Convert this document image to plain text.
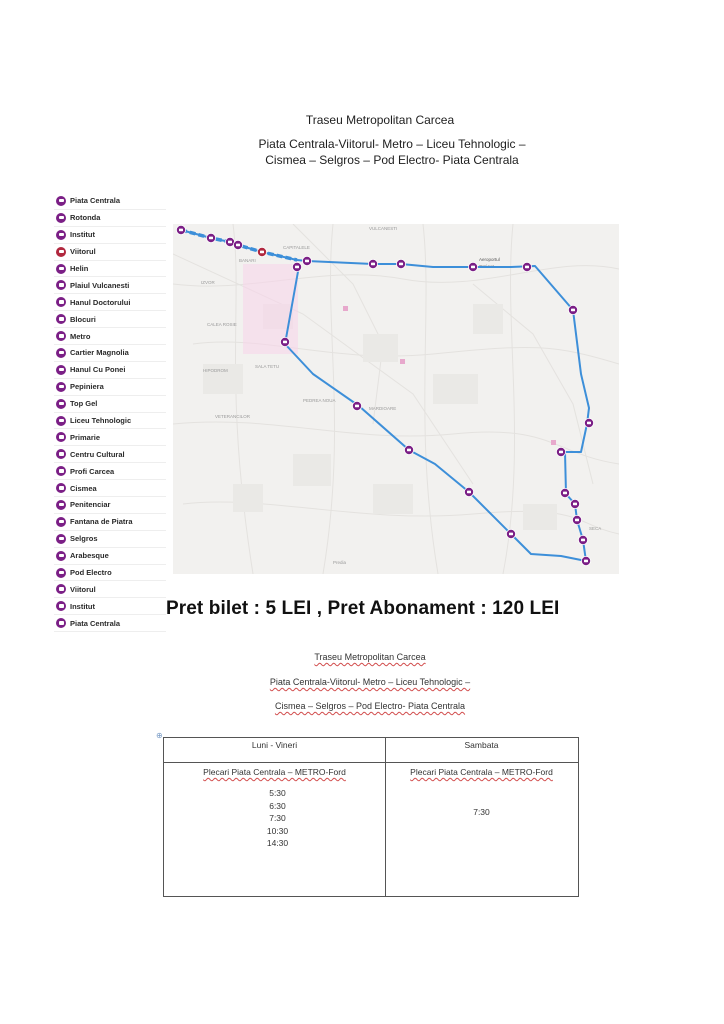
Traseu Metropolitan Carcea
Piata Centrala-Viitorul- Metro – Liceu Tehnologic –
Cismea – Selgros – Pod Electro- Piata Centrala
Piata Centrala
Rotonda
Institut
Viitorul
Helin
Plaiul Vulcanesti
Hanul Doctorului
Blocuri
Metro
Cartier Magnolia
Hanul Cu Ponei
Pepiniera
Top Gel
Liceu Tehnologic
Primarie
Centru Cultural
Profi Carcea
Cismea
Penitenciar
Fantana de Piatra
Selgros
Arabesque
Pod Electro
Viitorul
Institut
Piata Centrala
VULCANESTI
Aeroportul
Craiova
CAPITALELE
BANARI
IZVOR
CALEA ROSIE
HIPODROM
SALA TETU
PEDREA NOUA
MARDIOARE
VETERANCILOR
Predia
SECA
Pret bilet : 5 LEI , Pret Abonament : 120 LEI
Traseu Metropolitan Carcea
Piata Centrala-Viitorul- Metro – Liceu Tehnologic –
Cismea – Selgros – Pod Electro- Piata Centrala
⊕
Luni - Vineri
Plecari Piata Centrala – METRO-Ford
5:30
6:30
7:30
10:30
14:30
Sambata
Plecari Piata Centrala – METRO-Ford
7:30
